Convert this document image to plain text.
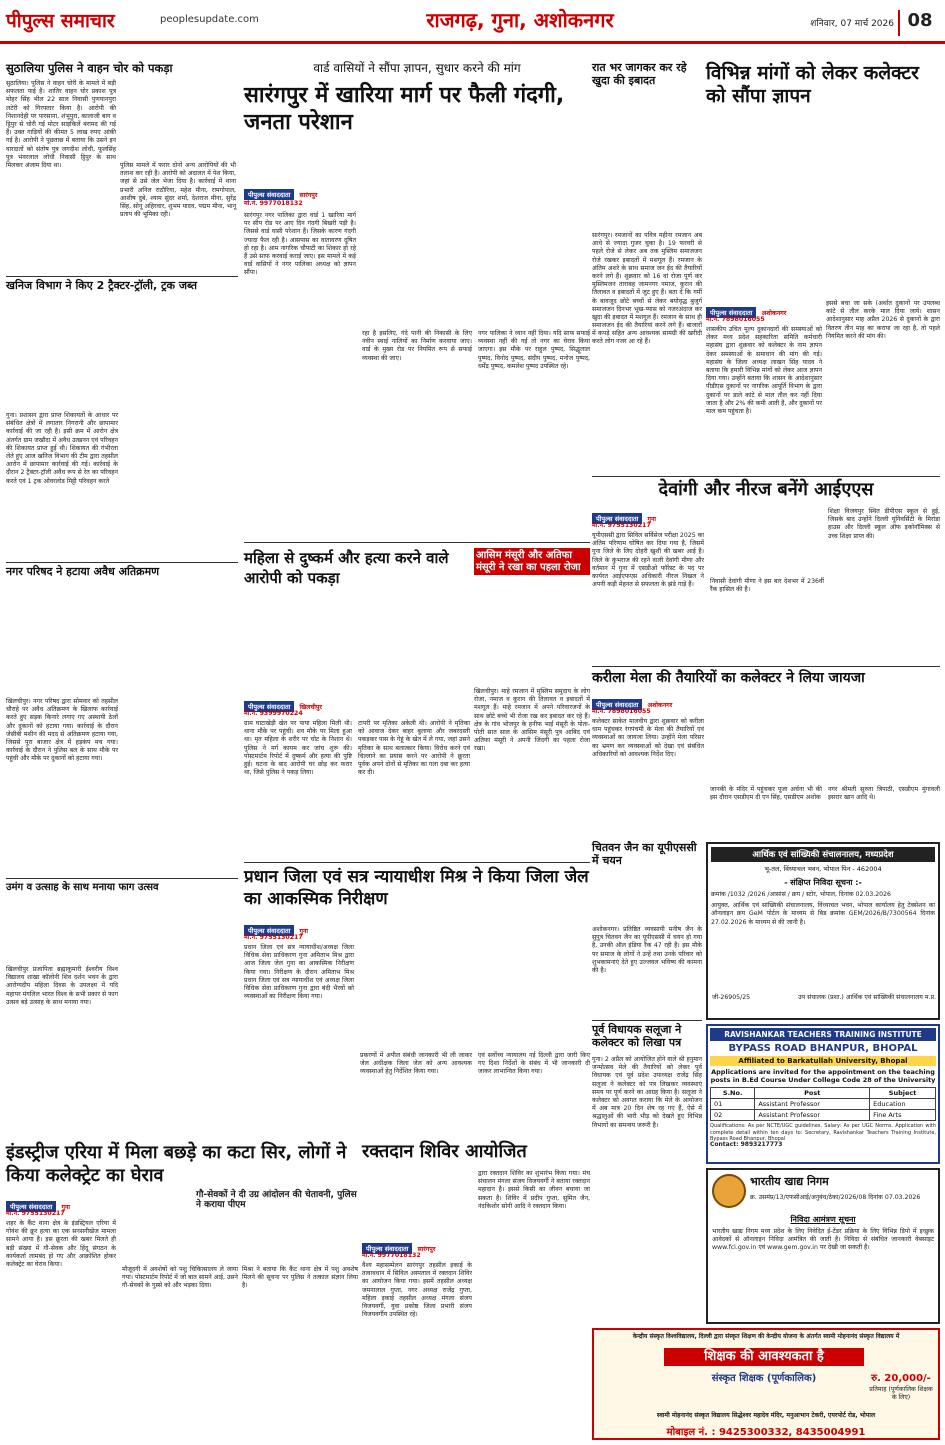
पीपुल्स समाचार	peoplesupdate.com	राजगढ़, गुना, अशोकनगर	शनिवार, 07 मार्च 2026 08
सुठालिया पुलिस ने वाहन चोर को पकड़ा
सुठालिया। पुलिस ने वाहन चोरी के मामले में बड़ी सफलता पाई है। शातिर वाहन चोर प्रकाश पुत्र मोहर सिंह भील 22 साल निवासी पुणयानपुरा लटेरी को गिरफ्तार किया है। आरोपी की निशानदेही पर पारसाना, शंभूपुरा, कालाजी बाग व ट्ठिपुर से चोरी गई मोटर साइकिलें बरामद की गई हैं। उक्त गाड़ियों की कीमत 5 लाख रुपए आंकी गई है। आरोपी ने पूछताछ में बताया कि उसने इन वारदातों को संतोष पुत्र जगदीश लोधी, फूलसिंह पुत्र भंवरलाल लोधी निवासी ट्ठिपुर के साथ मिलकर अंजाम दिया था।	पुलिस मामले में फरार दोनों अन्य आरोपियों की भी तलाश कर रही है। आरोपी को अदालत में पेश किया, जहां से उसे जेल भेजा दिया है। कार्रवाई में थाना प्रभारी अनिल राठौरिया, महेश मीना, रामगोपाल, आशीष दुबे, श्याम सुंदर शर्मा, देशराज मीना, सुरेंद्र सिंह, सोनू अहिरवार, शुभम यादव, पद्मम मीना, भानू प्रताप की भूमिका रही।
खनिज विभाग ने किए 2 ट्रैक्टर-ट्रॉली, ट्रक जब्त
गुना। प्रशासन द्वारा प्राप्त शिकायतों के आधार पर संबंधित क्षेत्रों में लगातार निगरानी और छापामार कार्रवाई की जा रही है। इसी क्रम में आरोन क्षेत्र अंतर्गत ग्राम जखौदा में अवैध उत्खनन एवं परिवहन की शिकायत प्राप्त हुई थी। शिकायत की गंभीरता लेते हुए आज खनिज विभाग की टीम द्वारा तहसील आरोन में छापामार कार्रवाई की गई। कार्रवाई के दौरान 2 ट्रैक्टर-ट्रॉली अवैध रूप से रेत का परिवहन करते एवं 1 ट्रक ओवरलोड मिट्टी परिवहन करते
नगर परिषद ने हटाया अवैध अतिक्रमण
खिलचीपुर। नगर परिषद द्वारा सोमवार को तहसील चौराहे पर अवैध अतिक्रमण के खिलाफ कार्रवाई करते हुए सड़क किनारे लगाए गए अस्थायी ठेलों और दुकानों को हटाया गया। कार्रवाई के दौरान जेसीबी मशीन की मदद से अतिक्रमण हटाया गया, जिससे पूरा बाजार क्षेत्र में हड़कंप मच गया। कार्रवाई के दौरान ने पुलिस बल के साथ मौके पर पहुंची और मौके पर दुकानों को हटाया गया।
उमंग व उत्साह के साथ मनाया फाग उत्सव
खिलचीपुर प्रजापिता ब्रह्माकुमारी ईश्वरीय विश्व विद्यालय शाखा कॉलोनी शिव दर्शन भवन के द्वारा आरोग्यदीप महिला दिवस के उपलक्ष्य में यदि महापर मंगलिल भारत विश्व के सभी प्रकार से फाग उत्सव बड़े उत्साह के साथ मनाया गया।
वार्ड वासियों ने सौंपा ज्ञापन, सुधार करने की मांग
सारंगपुर में खारिया मार्ग पर फैली गंदगी, जनता परेशान
पीपुल्स संवाददाता सारंगपुर
मो.नं. 9977018132
सारंगपुर नगर पालिका द्वारा वार्ड 1 खारिया मार्ग पर सीप रोड पर आए दिन गंदगी बिखरी पड़ी है। जिससे वार्ड वासी परेशान हैं। जिसके कारण गंदगी ज्यादा फैल रही है। आसपास का वातावरण दूषित हो रहा है। आम नागरिक चौपाटी का शिकार हो रहे हैं उसे साफ करवाई कराई जाए। इस मामले में कई वार्ड वासियों ने नगर पालिका अध्यक्ष को ज्ञापन सौंपा।
रहा है इसलिए, गंदे पानी की निकासी के लिए नवीन स्थाई नालियों का निर्माण करवाया जाए। वार्ड के मुख्य रोड पर नियमित रूप से सफाई व्यवस्था की जाए।
नगर पालिका ने ध्यान नहीं दिया। यदि साफ सफाई व्यवस्था नहीं की गई तो नगर का घेराव किया जाएगा। इस मौके पर राहुल पुष्पद, सिद्धूलाल पुष्पद, विनोद पुष्पद, संदीप पुष्पद, मनोज पुष्पद, धर्मेंद्र पुष्पद, कमलेश पुष्पद उपस्थित रहे।
रात भर जागकर कर रहे खुदा की इबादत
सारंगपुर। रमजानों का पवित्र महीना रमजान अब आधे से ज्यादा गुजर चुका है। 19 फरवरी से पहले रोजे से लेकर अब तक मुस्लिम समाजजन रोजे रखकर इबादतों में मशगूल हैं। रमजान के अंतिम अशरे के साथ समाज जन ईद की तैयारियों करने लगे हैं। शुक्रवार को 16 वां रोजा पूर्ण कर मुस्लिमजन ताराबह जामनगर नमाज, कुरान की तिलावत व इबादतों में जुट हुए हैं। बता दें कि गर्मी के बावजूद छोटे बच्चों से लेकर बयोवृद्ध बुजुर्ग समाजजन दिनभर भूख-प्यास को नजरअंदाज कर खुदा की इबादत में मशगूल हैं। रमजान के साथ ही समाजजन ईद की तैयारियां करने लगे हैं। बाजारों में कपड़े सहित अन्य आवश्यक सामग्री की खरीदी करते लोग नजर आ रहे हैं।
विभिन्न मांगों को लेकर कलेक्टर को सौंपा ज्ञापन
पीपुल्स संवाददाता अशोकनगर
मो.नं. 7898016055
शासकीय उचित मूल्य दुकानदारों की समस्याओं को लेकर मध्य प्रदेश सहकारिता समिति कर्मचारी महासंघ द्वारा शुक्रवार को कलेक्टर के नाम ज्ञापन देकर समस्याओं के समाधान की मांग की गई। महासंघ के जिला अध्यक्ष लाखन सिंह यादव ने बताया कि हमारी विभिन्न मांगों को लेकर आज ज्ञापन दिया गया। उन्होंने बताया कि शासन के आदेशानुसार पीडीएस दुकानों पर नागरिक आपूर्ति विभाग के द्वारा दुकानों पर डाले कांटे से माल तौल कर नहीं दिया जाता है और 2% की कमी आती है, और दुकानों पर माल कम पहुंचता है।
इससे बचा जा सके (अर्थात दुकानों पर उपलब्ध कांटे से तौल करके माल दिया जाये। शासन आदेशानुसार माह अप्रैल 2026 से दुकानों के द्वारा वितरण तीन माह का कराया जा रहा है, तो पहले नियमित करने की मांग की।
महिला से दुष्कर्म और हत्या करने वाले आरोपी को पकड़ा
पीपुल्स संवाददाता खिलचीपुर
मो.नं. 9399970224
ग्राम घाटाखेड़ी खेत पर पाया महिला मिली थी। थाना मौके पर पहुंची। शव मौके पर मिला हुआ था। मृत महिला के शरीर पर चोट के निशान थे। पुलिस ने मर्ग कायम कर जांच शुरू की। पोस्टमार्टम रिपोर्ट में दुष्कर्म और हत्या की पुष्टि हुई। घटना के बाद आरोपी घर छोड़ कर फरार था, जिसे पुलिस ने पकड़ लिया।
टापरी पर मृतिका अकेली थी। आरोपी ने मृतिका को आवाज देकर बाहर बुलाया और जबरदस्ती पकड़कर पास के गेहूं के खेत में ले गया, जहां उसने मृतिका के साथ बलात्कार किया। विरोध करने एवं चिल्लाने का प्रयास करने पर आरोपी ने क्रूरता पूर्वक अपने दोनों से मृतिका का गला दबा कर हत्या कर दी।
आसिम मंसूरी और अतिफा मंसूरी ने रखा का पहला रोजा
खिलचीपुर। माहे रमजान में मुस्लिम समुदाय के लोग रोजा, नमाज व कुरान की तिलावत व इबादतों में मशगूल हैं। माहे रमजान में अपने परिवारजनों के साथ छोटे बच्चे भी रोजा रख कर इबादत कर रहे हैं। क्षेत्र के गांव भोजपुर के हनीफ भाई मंसूरी के पोता-पोती सात साल के आसिम मंसूरी पुत्र आबिद एवं अतिफा मंसूरी ने अपनी जिंदगी का पहला रोजा रखा।
देवांगी और नीरज बनेंगे आईएएस
पीपुल्स संवाददाता गुना
मो.नं. 9755130217
यूपीएससी द्वारा सिविल सर्विसेज परीक्षा 2025 का अंतिम परिणाम घोषित कर दिया गया है, जिसमें गुना जिले के लिए दोहरी खुशी की खबर आई है। जिले के कुंभराज की रहने वाली देवांगी मीणा और वर्तमान में गुना में एसडीओ फॉरेस्ट के पद पर कार्यरत आईएफएस अधिकारी नीरज निखल ने अपनी कड़ी मेहनत से सफलता के झंडे गाड़े हैं।	निवासी देवांगी मीणा ने इस बार देशभर में 236वीं रैंक हासिल की है।
शिक्षा विजयपुर स्थित डीपीएस स्कूल से हुई, जिसके बाद उन्होंने दिल्ली यूनिवर्सिटी के मिरांडा हाउस और दिल्ली स्कूल ऑफ इकोनॉमिक्स से उच्च शिक्षा प्राप्त की।
करीला मेला की तैयारियों का कलेक्टर ने लिया जायजा
पीपुल्स संवाददाता अशोकनगर
मो.नं. 7898016055
कलेक्टर साकेत मालवीय द्वारा शुक्रवार को करीला धाम पहुंचकर रंगपंचमी के मेला की तैयारियों एवं व्यवस्थाओं का जायजा लिया। उन्होंने मेला परिसर का भ्रमण कर व्यवस्थाओं को देखा एवं संबंधित अधिकारियों को आवश्यक निर्देश दिए।
जानकी के मंदिर में पहुंचकर पूजा अर्चना भी की इस दौरान एसडीएम दी एन सिंह, एसडीएम अशोक
नगर श्रीमती सुरुता त्रिपाठी, एसडीएम मुंगावली इसरार खान आदि थे।
प्रधान जिला एवं सत्र न्यायाधीश मिश्र ने किया जिला जेल का आकस्मिक निरीक्षण
पीपुल्स संवाददाता गुना
मो.नं. 9755130217
प्रधान जिला एवं सत्र न्यायाधीश/अध्यक्ष जिला विधिक सेवा प्राधिकरण गुना अमिताभ मिश्र द्वारा आज जिला जेल गुना का आकस्मिक निरीक्षण किया गया। निरीक्षण के दौरान अमिताभ मिश्र प्रधान जिला एवं सत्र न्यायाधीश एवं अध्यक्ष जिला विधिक सेवा प्राधिकरण गुना द्वारा बंदी भैरवों को व्यवस्थाओं का निरीक्षण किया गया।
प्रकरणों में अपील संबंधी जानकारी भी ली जाकर जेल अधीक्षक जिला जेल को अन्य आवश्यक व्यवस्थाओं हेतु निर्देशित किया गया।
एवं सर्वोच्च न्यायालय नई दिल्ली द्वारा जारी किए गए दिशा निर्देशों के संबंध में भी जानकारी दी जाकर लाभान्वित किया गया।
चितवन जैन का यूपीएससी में चयन
अशोकनगर। प्रतिष्ठित व्यवसायी मनीष जैन के सुपुत्र चितवन जैन का यूपीएससी में चयन हो गया है, उनकी ऑल इंडिया रैंक 47 रही है। इस मौके पर समाज के लोगों ने उन्हें तथा उनके परिवार को शुभकामनाएं देते हुए उज्जवल भविष्य की कामना की है।
पूर्व विधायक सलूजा ने कलेक्टर को लिखा पत्र
गुना। 2 अप्रैल को आयोजित होने वाले श्री हनुमान जन्मोत्सव मेले की तैयारियों को लेकर पूर्व विधायक एवं पूर्व प्रदेश उपाध्यक्ष राजेंद्र सिंह सलूजा ने कलेक्टर को पत्र लिखकर व्यवस्थाएं समय पर पूर्ण करने का आग्रह किया है। सलूजा ने कलेक्टर को अवगत कराया कि मेले के आयोजन में अब मात्र 20 दिन शेष रह गए हैं, ऐसे में श्रद्धालुओं की भारी भीड़ को देखते हुए विभिन्न विभागों का समन्वय जरूरी है।
आर्थिक एवं सांख्यिकी संचालनालय, मध्यप्रदेश
भू-तल, विंध्याचल भवन, भोपाल पिन - 462004
- संक्षिप्त निविदा सूचना :-
क्रमांक /1032 /2026 /आसांसं / क्रय / स्टोर, भोपाल, दिनांक 02.03.2026
आयुक्त, आर्थिक एवं सांख्यिकी संचालनालय, विंध्याचल भवन, भोपाल कार्यालय हेतु टेक्सेशन का ऑनलाइन क्रय GeM पोर्टल के माध्यम से बिड क्रमांक GEM/2026/B/7300564 दिनांक 27.02.2026 के माध्यम से की जानी है।
जी-26905/25	उप संचालक (प्रशा.) आर्थिक एवं सांख्यिकी संचालनालय म.प्र.
RAVISHANKAR TEACHERS TRAINING INSTITUTE
BYPASS ROAD BHANPUR, BHOPAL
Affiliated to Barkatullah University, Bhopal
Applications are invited for the appointment on the teaching posts in B.Ed Course Under College Code 28 of the University
S.No.	Post	Subject
01	Assistant Professor	Education
02	Assistant Professor	Fine Arts
Qualifications: As per NCTE/UGC guidelines. Salary: As per UGC Norms. Application with complete detail within ten days to: Secretary, Ravishankar Teachers Training Institute, Bypass Road Bhanpur, Bhopal
Contact: 9893217773
भारतीय खाद्य निगम
क्र. उसमंप्र/13/एफसीआई/अनुबंध/ठेका/2026/08 दिनांक 07.03.2026
निविदा आमंत्रण सूचना
भारतीय खाद्य निगम मध्य प्रदेश के लिए निवेदित ई-टेंडर प्रक्रिया के लिए विभिन्न डिपो में इच्छुक आवेदकों से ऑनलाइन निविदा आमंत्रित की जाती है। निविदा से संबंधित जानकारी वेबसाइट www.fci.gov.in एवं www.gem.gov.in पर देखी जा सकती है।
इंडस्ट्रीज एरिया में मिला बछड़े का कटा सिर, लोगों ने किया कलेक्ट्रेट का घेराव
गौ-सेवकों ने दी उग्र आंदोलन की चेतावनी, पुलिस ने कराया पीएम
पीपुल्स संवाददाता गुना
मो.नं. 9755130217
शहर के कैंट थाना क्षेत्र के इंडस्ट्रियल एरिया में गोवंश की क्रूर हत्या का एक सनसनीखेज मामला सामने आया है। इस क्रूरता की खबर मिलते ही बड़ी संख्या में गौ-सेवक और हिंदू संगठन के कार्यकर्ता लामबंद हो गए और आक्रोशित होकर कलेक्ट्रेट का घेराव किया।
मौजूदगी में अवशेषों को पशु चिकित्सालय ले जाया गया। पोस्टमार्टम रिपोर्ट में जो बात सामने आई, उसने गौ-सेवकों के गुस्से को और भड़का दिया।
मिश्रा ने बताया कि कैंट थाना क्षेत्र में पशु अवशेष मिलने की सूचना पर पुलिस ने तत्काल संज्ञान लिया है।
रक्तदान शिविर आयोजित
पीपुल्स संवाददाता सारंगपुर
मो.नं. 9977018132
वैश्य महासम्मेलन सारंगपुर तहसील इकाई के तत्वावधान में सिविल अस्पताल में रक्तदान शिविर का आयोजन किया गया। इसमें तहसील अध्यक्ष जमनालाल गुप्ता, नगर अध्यक्ष राजेंद्र गुप्ता, महिला इकाई तहसील अध्यक्ष मंगला संजय विजयवर्गी, युवा प्रकोष्ठ जिला प्रभारी संजय विजयवर्गीय उपस्थित रहे।
द्वारा रक्तदान शिविर का शुभारंभ किया गया। मंच संचालन मंगला संजय विजयवर्गी ने बताया रक्तदान महादान है। इससे किसी का जीवन बचाया जा सकता है। शिविर में प्रदीप गुप्ता, सुमित जैन, नंदकिशोर सोनी आदि ने रक्तदान किया।
केन्द्रीय संस्कृत विश्वविद्यालय, दिल्ली द्वारा संस्कृत शिक्षण की केन्द्रीय योजना के अंतर्गत स्वामी मोहनानंद संस्कृत विद्यालय में
शिक्षक की आवश्यकता है
संस्कृत शिक्षक (पूर्णकालिक)	रु. 20,000/-
प्रतिमाह (पूर्णकालिक शिक्षक के लिए)
स्वामी मोहनानंद संस्कृत विद्यालय सिद्धेश्वर महादेव मंदिर, मनुआभान टेकरी, एयरपोर्ट रोड, भोपाल
मोबाइल नं. : 9425300332, 8435004991
